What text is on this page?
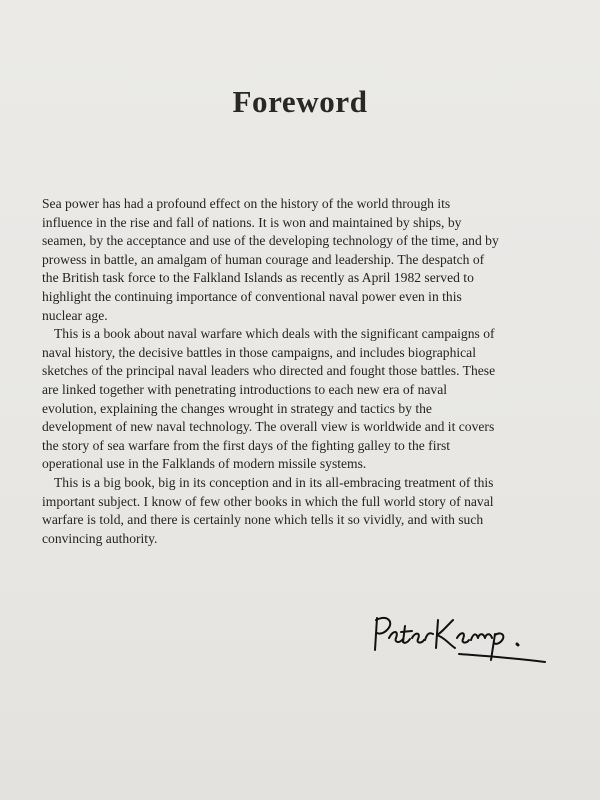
Foreword

Sea power has had a profound effect on the history of the world through its

influence in the rise and fall of nations. It is won and maintained by ships, by

seamen, by the acceptance and use of the developing technology of the time, and by

prowess in battle, an amalgam of human courage and leadership. The despatch of

the British task force to the Falkland Islands as recently as April 1982 served to

highlight the continuing importance of conventional naval power even in this

nuclear age.

This is a book about naval warfare which deals with the significant campaigns of

naval history, the decisive battles in those campaigns, and includes biographical

sketches of the principal naval leaders who directed and fought those battles. These

are linked together with penetrating introductions to each new era of naval

evolution, explaining the changes wrought in strategy and tactics by the

development of new naval technology. The overall view is worldwide and it covers

the story of sea warfare from the first days of the fighting galley to the first

operational use in the Falklands of modern missile systems.

This is a big book, big in its conception and in its all-embracing treatment of this

important subject. I know of few other books in which the full world story of naval

warfare is told, and there is certainly none which tells it so vividly, and with such

convincing authority.
